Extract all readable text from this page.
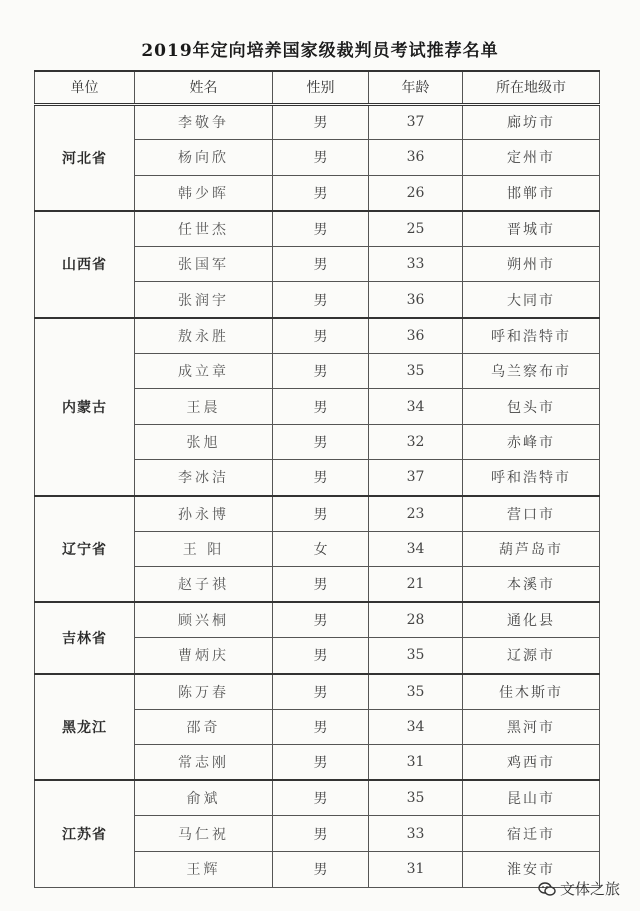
2019年定向培养国家级裁判员考试推荐名单
单位	姓名	性别	年龄	所在地级市
河北省	李敬争	男	37	廊坊市
	杨向欣	男	36	定州市
	韩少晖	男	26	邯郸市
山西省	任世杰	男	25	晋城市
	张国军	男	33	朔州市
	张润宇	男	36	大同市
内蒙古	敖永胜	男	36	呼和浩特市
	成立章	男	35	乌兰察布市
	王晨	男	34	包头市
	张旭	男	32	赤峰市
	李冰洁	男	37	呼和浩特市
辽宁省	孙永博	男	23	营口市
	王 阳	女	34	葫芦岛市
	赵子祺	男	21	本溪市
吉林省	顾兴桐	男	28	通化县
	曹炳庆	男	35	辽源市
黑龙江	陈万春	男	35	佳木斯市
	邵奇	男	34	黑河市
	常志刚	男	31	鸡西市
江苏省	俞斌	男	35	昆山市
	马仁祝	男	33	宿迁市
	王辉	男	31	淮安市
文体之旅
